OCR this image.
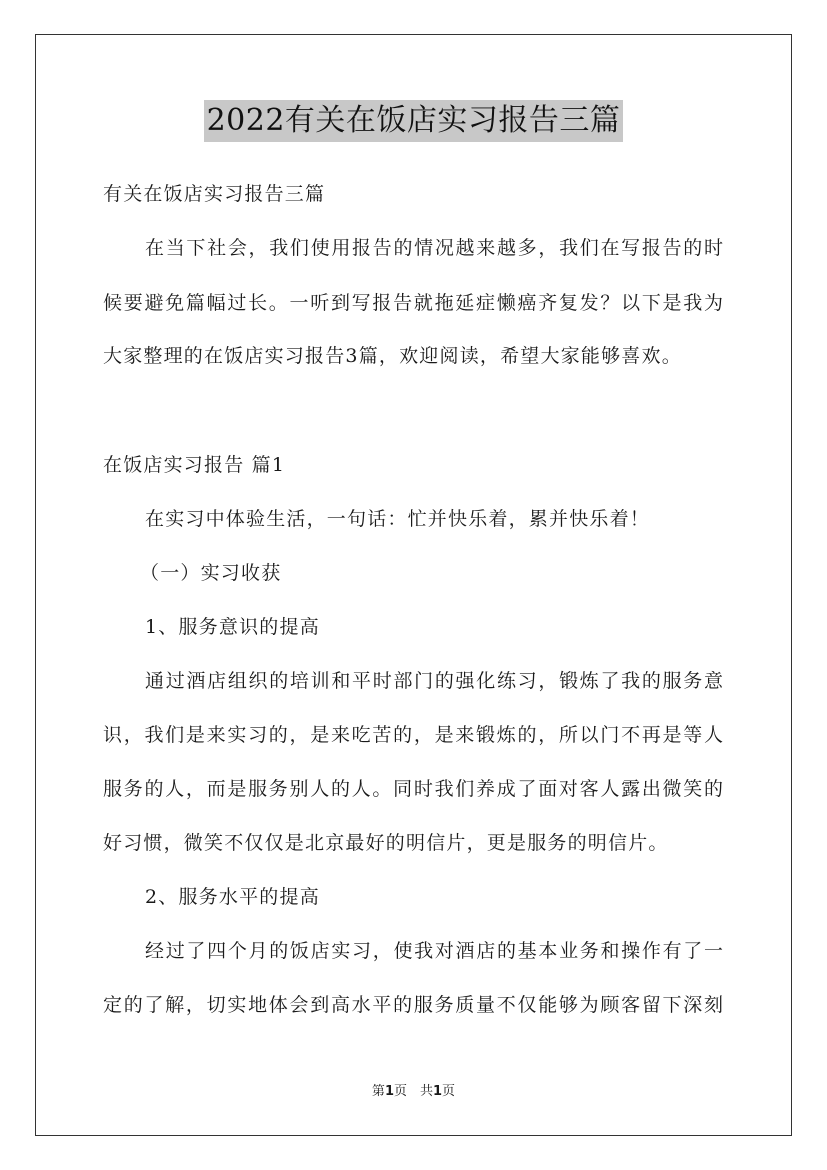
2022有关在饭店实习报告三篇
有关在饭店实习报告三篇
在当下社会，我们使用报告的情况越来越多，我们在写报告的时
候要避免篇幅过长。一听到写报告就拖延症懒癌齐复发？以下是我为
大家整理的在饭店实习报告3篇，欢迎阅读，希望大家能够喜欢。
在饭店实习报告 篇1
在实习中体验生活，一句话：忙并快乐着，累并快乐着！
（一）实习收获
1、服务意识的提高
通过酒店组织的培训和平时部门的强化练习，锻炼了我的服务意
识，我们是来实习的，是来吃苦的，是来锻炼的，所以门不再是等人
服务的人，而是服务别人的人。同时我们养成了面对客人露出微笑的
好习惯，微笑不仅仅是北京最好的明信片，更是服务的明信片。
2、服务水平的提高
经过了四个月的饭店实习，使我对酒店的基本业务和操作有了一
定的了解，切实地体会到高水平的服务质量不仅能够为顾客留下深刻
第1页　共1页
